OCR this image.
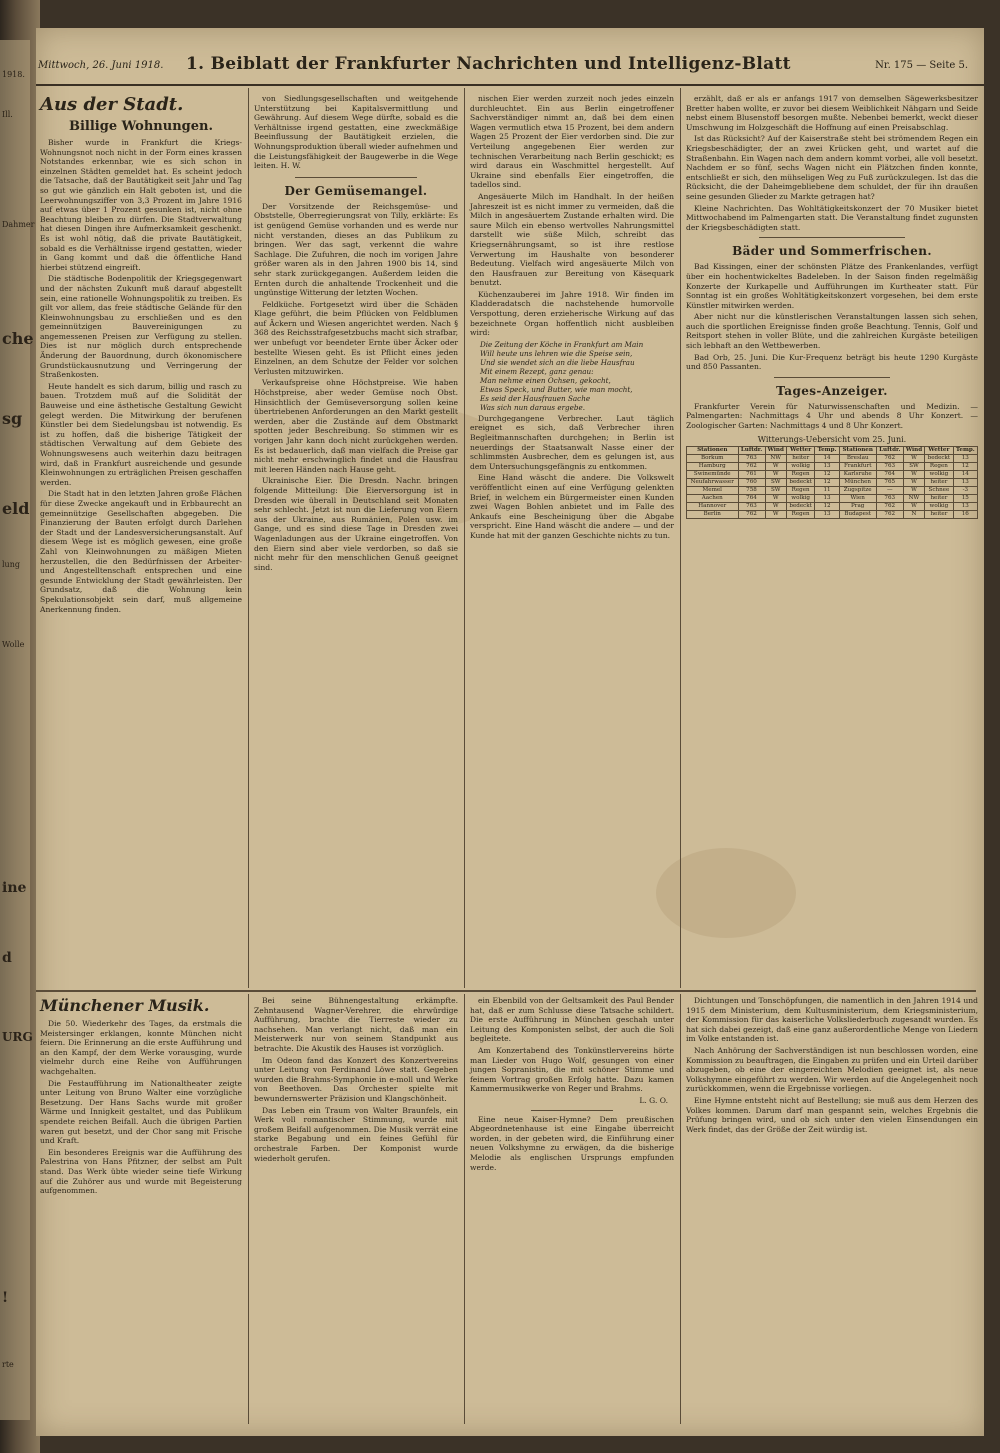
1918.
Ill.
Dahmer
che
sg
eld
lung
Wolle
ine
d
URG
!
rte
Mittwoch, 26. Juni 1918. 1. Beiblatt der Frankfurter Nachrichten und Intelligenz-Blatt	Nr. 175 — Seite 5.
Aus der Stadt.
Billige Wohnungen.

Bisher wurde in Frankfurt die Kriegs-Wohnungsnot noch nicht in der Form eines krassen Notstandes erkennbar, wie es sich schon in einzelnen Städten gemeldet hat. Es scheint jedoch die Tatsache, daß der Bautätigkeit seit Jahr und Tag so gut wie gänzlich ein Halt geboten ist, und die Leerwohnungsziffer von 3,3 Prozent im Jahre 1916 auf etwas über 1 Prozent gesunken ist, nicht ohne Beachtung bleiben zu dürfen. Die Stadtverwaltung hat diesen Dingen ihre Aufmerksamkeit geschenkt. Es ist wohl nötig, daß die private Bautätigkeit, sobald es die Verhältnisse irgend gestatten, wieder in Gang kommt und daß die öffentliche Hand hierbei stützend eingreift.

Die städtische Bodenpolitik der Kriegsgegenwart und der nächsten Zukunft muß darauf abgestellt sein, eine rationelle Wohnungspolitik zu treiben. Es gilt vor allem, das freie städtische Gelände für den Kleinwohnungsbau zu erschließen und es den gemeinnützigen Bauvereinigungen zu angemessenen Preisen zur Verfügung zu stellen. Dies ist nur möglich durch entsprechende Änderung der Bauordnung, durch ökonomischere Grundstückausnutzung und Verringerung der Straßenkosten.

Heute handelt es sich darum, billig und rasch zu bauen. Trotzdem muß auf die Solidität der Bauweise und eine ästhetische Gestaltung Gewicht gelegt werden. Die Mitwirkung der berufenen Künstler bei dem Siedelungsbau ist notwendig. Es ist zu hoffen, daß die bisherige Tätigkeit der städtischen Verwaltung auf dem Gebiete des Wohnungswesens auch weiterhin dazu beitragen wird, daß in Frankfurt ausreichende und gesunde Kleinwohnungen zu erträglichen Preisen geschaffen werden.

Die Stadt hat in den letzten Jahren große Flächen für diese Zwecke angekauft und in Erbbaurecht an gemeinnützige Gesellschaften abgegeben. Die Finanzierung der Bauten erfolgt durch Darlehen der Stadt und der Landesversicherungsanstalt. Auf diesem Wege ist es möglich gewesen, eine große Zahl von Kleinwohnungen zu mäßigen Mieten herzustellen, die den Bedürfnissen der Arbeiter- und Angestelltenschaft entsprechen und eine gesunde Entwicklung der Stadt gewährleisten. Der Grundsatz, daß die Wohnung kein Spekulationsobjekt sein darf, muß allgemeine Anerkennung finden.

von Siedlungsgesellschaften und weitgehende Unterstützung bei Kapitalsvermittlung und Gewährung. Auf diesem Wege dürfte, sobald es die Verhältnisse irgend gestatten, eine zweckmäßige Beeinflussung der Bautätigkeit erzielen, die Wohnungsproduktion überall wieder aufnehmen und die Leistungsfähigkeit der Baugewerbe in die Wege leiten. H. W.

Der Gemüsemangel.

Der Vorsitzende der Reichsgemüse- und Obststelle, Oberregierungsrat von Tilly, erklärte: Es ist genügend Gemüse vorhanden und es werde nur nicht verstanden, dieses an das Publikum zu bringen. Wer das sagt, verkennt die wahre Sachlage. Die Zufuhren, die noch im vorigen Jahre größer waren als in den Jahren 1900 bis 14, sind sehr stark zurückgegangen. Außerdem leiden die Ernten durch die anhaltende Trockenheit und die ungünstige Witterung der letzten Wochen.

Feldküche. Fortgesetzt wird über die Schäden Klage geführt, die beim Pflücken von Feldblumen auf Äckern und Wiesen angerichtet werden. Nach § 368 des Reichsstrafgesetzbuchs macht sich strafbar, wer unbefugt vor beendeter Ernte über Äcker oder bestellte Wiesen geht. Es ist Pflicht eines jeden Einzelnen, an dem Schutze der Felder vor solchen Verlusten mitzuwirken.

Verkaufspreise ohne Höchstpreise. Wie haben Höchstpreise, aber weder Gemüse noch Obst. Hinsichtlich der Gemüseversorgung sollen keine übertriebenen Anforderungen an den Markt gestellt werden, aber die Zustände auf dem Obstmarkt spotten jeder Beschreibung. So stimmen wir es vorigen Jahr kann doch nicht zurückgehen werden. Es ist bedauerlich, daß man vielfach die Preise gar nicht mehr erschwinglich findet und die Hausfrau mit leeren Händen nach Hause geht.

Ukrainische Eier. Die Dresdn. Nachr. bringen folgende Mitteilung: Die Eierversorgung ist in Dresden wie überall in Deutschland seit Monaten sehr schlecht. Jetzt ist nun die Lieferung von Eiern aus der Ukraine, aus Rumänien, Polen usw. im Gange, und es sind diese Tage in Dresden zwei Wagenladungen aus der Ukraine eingetroffen. Von den Eiern sind aber viele verdorben, so daß sie nicht mehr für den menschlichen Genuß geeignet sind.

nischen Eier werden zurzeit noch jedes einzeln durchleuchtet. Ein aus Berlin eingetroffener Sachverständiger nimmt an, daß bei dem einen Wagen vermutlich etwa 15 Prozent, bei dem andern Wagen 25 Prozent der Eier verdorben sind. Die zur Verteilung angegebenen Eier werden zur technischen Verarbeitung nach Berlin geschickt; es wird daraus ein Waschmittel hergestellt. Auf Ukraine sind ebenfalls Eier eingetroffen, die tadellos sind.

Angesäuerte Milch im Handhalt. In der heißen Jahreszeit ist es nicht immer zu vermeiden, daß die Milch in angesäuertem Zustande erhalten wird. Die saure Milch ein ebenso wertvolles Nahrungsmittel darstellt wie süße Milch, schreibt das Kriegsernährungsamt, so ist ihre restlose Verwertung im Haushalte von besonderer Bedeutung. Vielfach wird angesäuerte Milch von den Hausfrauen zur Bereitung von Käsequark benutzt.

Küchenzauberei im Jahre 1918. Wir finden im Kladderadatsch die nachstehende humorvolle Verspottung, deren erzieherische Wirkung auf das bezeichnete Organ hoffentlich nicht ausbleiben wird:

Die Zeitung der Köche in Frankfurt am Main
Will heute uns lehren wie die Speise sein,
Und sie wendet sich an die liebe Hausfrau
Mit einem Rezept, ganz genau:
Man nehme einen Ochsen, gekocht,
Etwas Speck, und Butter, wie man mocht,
Es seid der Hausfrauen Sache
Was sich nun daraus ergebe.

Durchgegangene Verbrecher. Laut täglich ereignet es sich, daß Verbrecher ihren Begleitmannschaften durchgehen; in Berlin ist neuerdings der Staatsanwalt Nasse einer der schlimmsten Ausbrecher, dem es gelungen ist, aus dem Untersuchungsgefängnis zu entkommen.

Eine Hand wäscht die andere. Die Volkswelt veröffentlicht einen auf eine Verfügung gelenkten Brief, in welchem ein Bürgermeister einen Kunden zwei Wagen Bohlen anbietet und im Falle des Ankaufs eine Bescheinigung über die Abgabe verspricht. Eine Hand wäscht die andere — und der Kunde hat mit der ganzen Geschichte nichts zu tun.

erzählt, daß er als er anfangs 1917 von demselben Sägewerksbesitzer Bretter haben wollte, er zuvor bei diesem Weiblichkeit Nähgarn und Seide nebst einem Blusenstoff besorgen mußte. Nebenbei bemerkt, weckt dieser Umschwung im Holzgeschäft die Hoffnung auf einen Preisabschlag.

Ist das Rücksicht? Auf der Kaiserstraße steht bei strömendem Regen ein Kriegsbeschädigter, der an zwei Krücken geht, und wartet auf die Straßenbahn. Ein Wagen nach dem andern kommt vorbei, alle voll besetzt. Nachdem er so fünf, sechs Wagen nicht ein Plätzchen finden konnte, entschließt er sich, den mühseligen Weg zu Fuß zurückzulegen. Ist das die Rücksicht, die der Daheimgebliebene dem schuldet, der für ihn draußen seine gesunden Glieder zu Markte getragen hat?

Kleine Nachrichten. Das Wohltätigkeitskonzert der 70 Musiker bietet Mittwochabend im Palmengarten statt. Die Veranstaltung findet zugunsten der Kriegsbeschädigten statt.

Bäder und Sommerfrischen.

Bad Kissingen, einer der schönsten Plätze des Frankenlandes, verfügt über ein hochentwickeltes Badeleben. In der Saison finden regelmäßig Konzerte der Kurkapelle und Aufführungen im Kurtheater statt. Für Sonntag ist ein großes Wohltätigkeitskonzert vorgesehen, bei dem erste Künstler mitwirken werden.

Aber nicht nur die künstlerischen Veranstaltungen lassen sich sehen, auch die sportlichen Ereignisse finden große Beachtung. Tennis, Golf und Reitsport stehen in voller Blüte, und die zahlreichen Kurgäste beteiligen sich lebhaft an den Wettbewerben.

Bad Orb, 25. Juni. Die Kur-Frequenz beträgt bis heute 1290 Kurgäste und 850 Passanten.

Tages-Anzeiger.

Frankfurter Verein für Naturwissenschaften und Medizin. — Palmengarten: Nachmittags 4 Uhr und abends 8 Uhr Konzert. — Zoologischer Garten: Nachmittags 4 und 8 Uhr Konzert.

Witterungs-Uebersicht vom 25. Juni.
Stationen	Luftdr.	Wind	Wetter	Temp.	Stationen	Luftdr.	Wind	Wetter	Temp.
Borkum	763	NW	heiter	14	Breslau	762	W	bedeckt	13
Hamburg	762	W	wolkig	13	Frankfurt	763	SW	Regen	12
Swinemünde	761	W	Regen	12	Karlsruhe	764	W	wolkig	14
Neufahrwasser	760	SW	bedeckt	12	München	765	W	heiter	13
Memel	758	SW	Regen	11	Zugspitze	—	W	Schnee	-3
Aachen	764	W	wolkig	13	Wien	763	NW	heiter	15
Hannover	763	W	bedeckt	12	Prag	762	W	wolkig	13
Berlin	762	W	Regen	13	Budapest	762	N	heiter	16
Münchener Musik.

Die 50. Wiederkehr des Tages, da erstmals die Meistersinger erklangen, konnte München nicht feiern. Die Erinnerung an die erste Aufführung und an den Kampf, der dem Werke vorausging, wurde vielmehr durch eine Reihe von Aufführungen wachgehalten.

Die Festaufführung im Nationaltheater zeigte unter Leitung von Bruno Walter eine vorzügliche Besetzung. Der Hans Sachs wurde mit großer Wärme und Innigkeit gestaltet, und das Publikum spendete reichen Beifall. Auch die übrigen Partien waren gut besetzt, und der Chor sang mit Frische und Kraft.

Ein besonderes Ereignis war die Aufführung des Palestrina von Hans Pfitzner, der selbst am Pult stand. Das Werk übte wieder seine tiefe Wirkung auf die Zuhörer aus und wurde mit Begeisterung aufgenommen.

Bei seine Bühnengestaltung erkämpfte. Zehntausend Wagner-Verehrer, die ehrwürdige Aufführung, brachte die Tierreste wieder zu nachsehen. Man verlangt nicht, daß man ein Meisterwerk nur von seinem Standpunkt aus betrachte. Die Akustik des Hauses ist vorzüglich.

Im Odeon fand das Konzert des Konzertvereins unter Leitung von Ferdinand Löwe statt. Gegeben wurden die Brahms-Symphonie in e-moll und Werke von Beethoven. Das Orchester spielte mit bewundernswerter Präzision und Klangschönheit.

Das Leben ein Traum von Walter Braunfels, ein Werk voll romantischer Stimmung, wurde mit großem Beifall aufgenommen. Die Musik verrät eine starke Begabung und ein feines Gefühl für orchestrale Farben. Der Komponist wurde wiederholt gerufen.

ein Ebenbild von der Geltsamkeit des Paul Bender hat, daß er zum Schlusse diese Tatsache schildert. Die erste Aufführung in München geschah unter Leitung des Komponisten selbst, der auch die Soli begleitete.

Am Konzertabend des Tonkünstlervereins hörte man Lieder von Hugo Wolf, gesungen von einer jungen Sopranistin, die mit schöner Stimme und feinem Vortrag großen Erfolg hatte. Dazu kamen Kammermusikwerke von Reger und Brahms.

L. G. O.

Eine neue Kaiser-Hymne? Dem preußischen Abgeordnetenhause ist eine Eingabe überreicht worden, in der gebeten wird, die Einführung einer neuen Volkshymne zu erwägen, da die bisherige Melodie als englischen Ursprungs empfunden werde.

Dichtungen und Tonschöpfungen, die namentlich in den Jahren 1914 und 1915 dem Ministerium, dem Kultusministerium, dem Kriegsministerium, der Kommission für das kaiserliche Volksliederbuch zugesandt wurden. Es hat sich dabei gezeigt, daß eine ganz außerordentliche Menge von Liedern im Volke entstanden ist.

Nach Anhörung der Sachverständigen ist nun beschlossen worden, eine Kommission zu beauftragen, die Eingaben zu prüfen und ein Urteil darüber abzugeben, ob eine der eingereichten Melodien geeignet ist, als neue Volkshymne eingeführt zu werden. Wir werden auf die Angelegenheit noch zurückkommen, wenn die Ergebnisse vorliegen.

Eine Hymne entsteht nicht auf Bestellung; sie muß aus dem Herzen des Volkes kommen. Darum darf man gespannt sein, welches Ergebnis die Prüfung bringen wird, und ob sich unter den vielen Einsendungen ein Werk findet, das der Größe der Zeit würdig ist.
